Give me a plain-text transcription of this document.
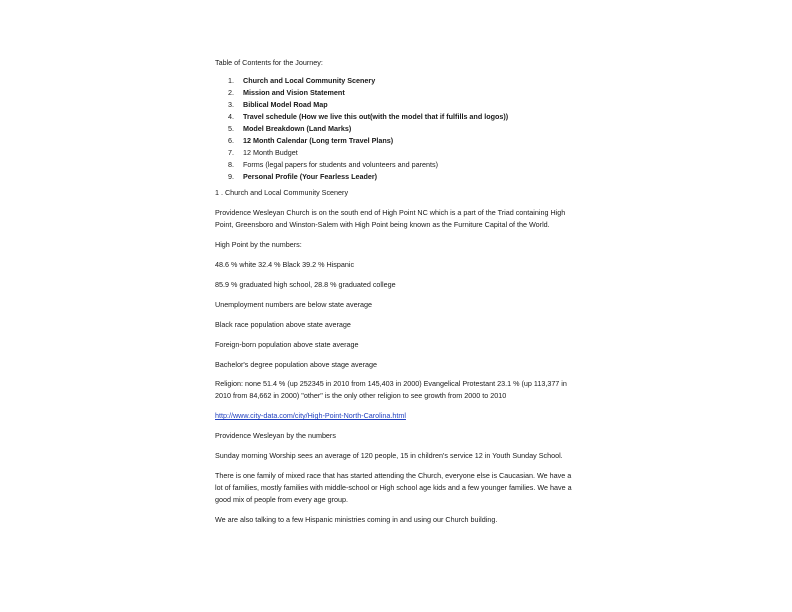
Table of Contents for the Journey:

1. Church and Local Community Scenery
2. Mission and Vision Statement
3. Biblical Model Road Map
4. Travel schedule (How we live this out(with the model that if fulfills and logos))
5. Model Breakdown (Land Marks)
6. 12 Month Calendar (Long term Travel Plans)
7. 12 Month Budget
8. Forms (legal papers for students and volunteers and parents)
9. Personal Profile (Your Fearless Leader)

1 . Church and Local Community Scenery

Providence Wesleyan Church is on the south end of High Point NC which is a part of the Triad containing High Point, Greensboro and Winston-Salem with High Point being known as the Furniture Capital of the World.

High Point by the numbers:

48.6 % white 32.4 % Black 39.2 % Hispanic

85.9 % graduated high school, 28.8 % graduated college

Unemployment numbers are below state average

Black race population above state average

Foreign-born population above state average

Bachelor's degree population above stage average

Religion: none 51.4 % (up 252345 in 2010 from 145,403 in 2000) Evangelical Protestant 23.1 % (up 113,377 in 2010 from 84,662 in 2000) "other" is the only other religion to see growth from 2000 to 2010

http://www.city-data.com/city/High-Point-North-Carolina.html

Providence Wesleyan by the numbers

Sunday morning Worship sees an average of 120 people, 15 in children's service 12 in Youth Sunday School.

There is one family of mixed race that has started attending the Church, everyone else is Caucasian. We have a lot of families, mostly families with middle-school or High school age kids and a few younger families. We have a good mix of people from every age group.

We are also talking to a few Hispanic ministries coming in and using our Church building.
